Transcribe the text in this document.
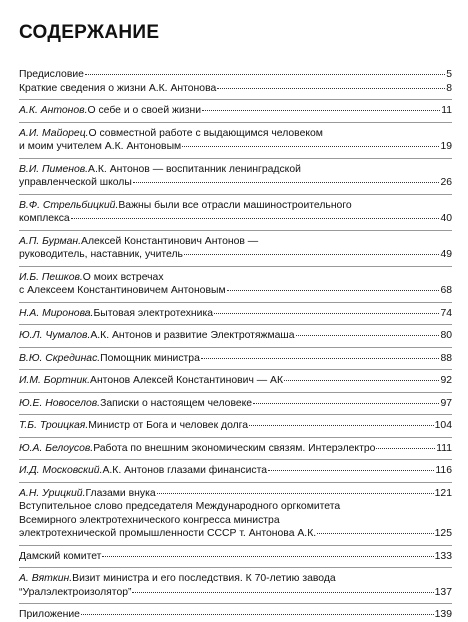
СОДЕРЖАНИЕ
Предисловие	5
Краткие сведения о жизни А.К. Антонова	8
А.К. Антонов. О себе и о своей жизни	11
А.И. Майорец. О совместной работе с выдающимся человеком
и моим учителем А.К. Антоновым	19
В.И. Пименов. А.К. Антонов — воспитанник ленинградской
управленческой школы	26
В.Ф. Стрельбицкий. Важны были все отрасли машиностроительного
комплекса	40
А.П. Бурман. Алексей Константинович Антонов —
руководитель, наставник, учитель	49
И.Б. Пешков. О моих встречах
с Алексеем Константиновичем Антоновым	68
Н.А. Миронова. Бытовая электротехника	74
Ю.Л. Чумалов. А.К. Антонов и развитие Электротяжмаша	80
В.Ю. Скрединас. Помощник министра	88
И.М. Бортник. Антонов Алексей Константинович — АК	92
Ю.Е. Новоселов. Записки о настоящем человеке	97
Т.Б. Троицкая. Министр от Бога и человек долга	104
Ю.А. Белоусов. Работа по внешним экономическим связям. Интерэлектро	111
И.Д. Московский. А.К. Антонов глазами финансиста	116
А.Н. Урицкий. Глазами внука	121
Вступительное слово председателя Международного оргкомитета
Всемирного электротехнического конгресса министра
электротехнической промышленности СССР т. Антонова А.К.	125
Дамский комитет	133
А. Вяткин. Визит министра и его последствия. К 70-летию завода
“Уралэлектроизолятор”	137
Приложение	139
